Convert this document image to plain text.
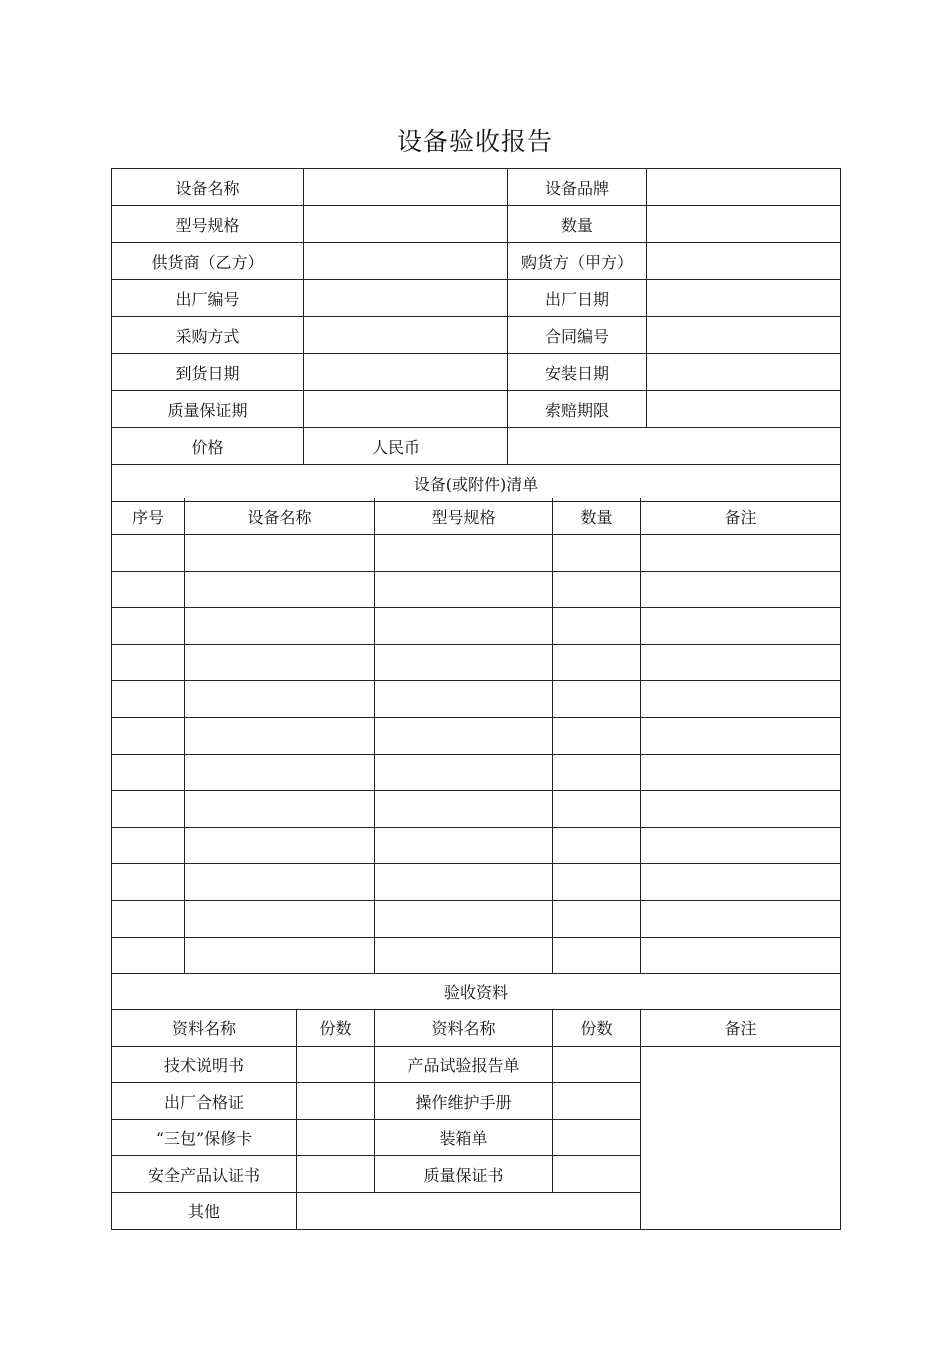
设备验收报告
设备名称		设备品牌	
型号规格		数量	
供货商（乙方）		购货方（甲方）	
出厂编号		出厂日期	
采购方式		合同编号	
到货日期		安装日期	
质量保证期		索赔期限	
价格	人民币		
设备(或附件)清单			
序号	设备名称	型号规格	数量	备注

验收资料				
资料名称	份数	资料名称	份数	备注
技术说明书		产品试验报告单		
出厂合格证		操作维护手册		
“三包”保修卡		装箱单		
安全产品认证书		质量保证书		
其他				
